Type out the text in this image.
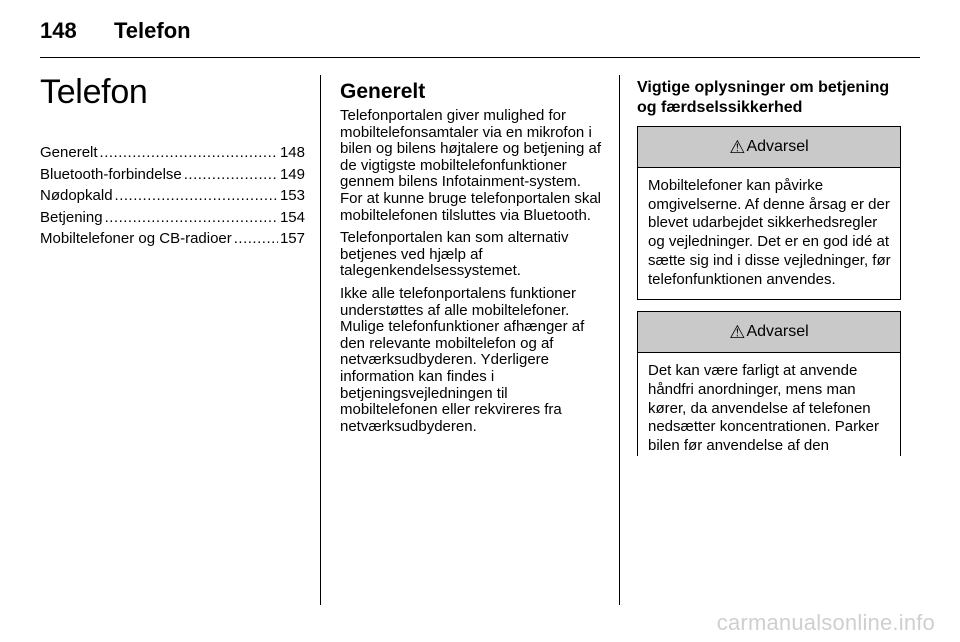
148 Telefon
Telefon
Generelt .....	148
Bluetooth-forbindelse .....	149
Nødopkald .....	153
Betjening .....	154
Mobiltelefoner og CB-radioer .....	157
Generelt

Telefonportalen giver mulighed for mobiltelefonsamtaler via en mikrofon i bilen og bilens højtalere og betjening af de vigtigste mobiltelefonfunktioner gennem bilens Infotainment-system. For at kunne bruge telefonportalen skal mobiltelefonen tilsluttes via Bluetooth.

Telefonportalen kan som alternativ betjenes ved hjælp af talegenkendelsessystemet.

Ikke alle telefonportalens funktioner understøttes af alle mobiltelefoner. Mulige telefonfunktioner afhænger af den relevante mobiltelefon og af netværksudbyderen. Yderligere information kan findes i betjeningsvejledningen til mobiltelefonen eller rekvireres fra netværksudbyderen.

Vigtige oplysninger om betjening og færdselssikkerhed
⚠ Advarsel
Mobiltelefoner kan påvirke omgivelserne. Af denne årsag er der blevet udarbejdet sikkerhedsregler og vejledninger. Det er en god idé at sætte sig ind i disse vejledninger, før telefonfunktionen anvendes.
⚠ Advarsel
Det kan være farligt at anvende håndfri anordninger, mens man kører, da anvendelse af telefonen nedsætter koncentrationen. Parker bilen før anvendelse af den
carmanualsonline.info
